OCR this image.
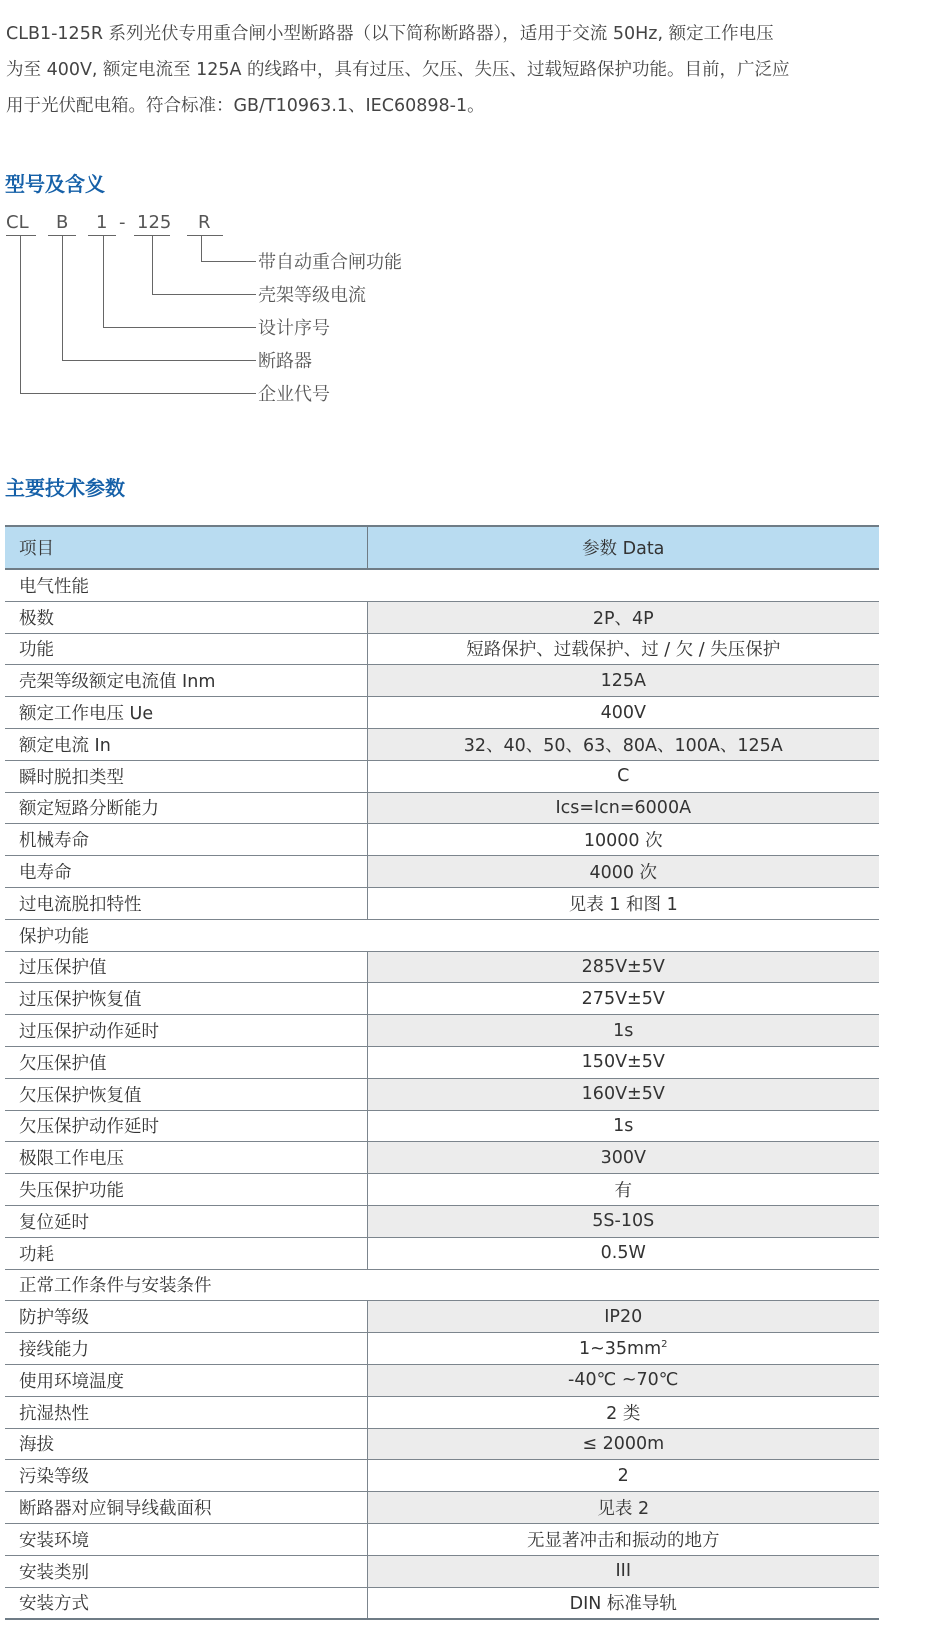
CLB1-125R 系列光伏专用重合闸小型断路器（以下简称断路器），适用于交流 50Hz, 额定工作电压
为至 400V, 额定电流至 125A 的线路中，具有过压、欠压、失压、过载短路保护功能。目前，广泛应
用于光伏配电箱。符合标准：GB/T10963.1、IEC60898-1。

型号及含义
CL B 1 - 125 R
带自动重合闸功能
壳架等级电流
设计序号
断路器
企业代号
主要技术参数
项目	参数 Data
电气性能	
极数	2P、4P
功能	短路保护、过载保护、过 / 欠 / 失压保护
壳架等级额定电流值 Inm	125A
额定工作电压 Ue	400V
额定电流 In	32、40、50、63、80A、100A、125A
瞬时脱扣类型	C
额定短路分断能力	Ics=Icn=6000A
机械寿命	10000 次
电寿命	4000 次
过电流脱扣特性	见表 1 和图 1
保护功能	
过压保护值	285V±5V
过压保护恢复值	275V±5V
过压保护动作延时	1s
欠压保护值	150V±5V
欠压保护恢复值	160V±5V
欠压保护动作延时	1s
极限工作电压	300V
失压保护功能	有
复位延时	5S-10S
功耗	0.5W
正常工作条件与安装条件	
防护等级	IP20
接线能力	$1\sim 35mm^2$
使用环境温度	-40℃ ~70℃
抗湿热性	2 类
海拔	≤ 2000m
污染等级	2
断路器对应铜导线截面积	见表 2
安装环境	无显著冲击和振动的地方
安装类别	III
安装方式	DIN 标准导轨
